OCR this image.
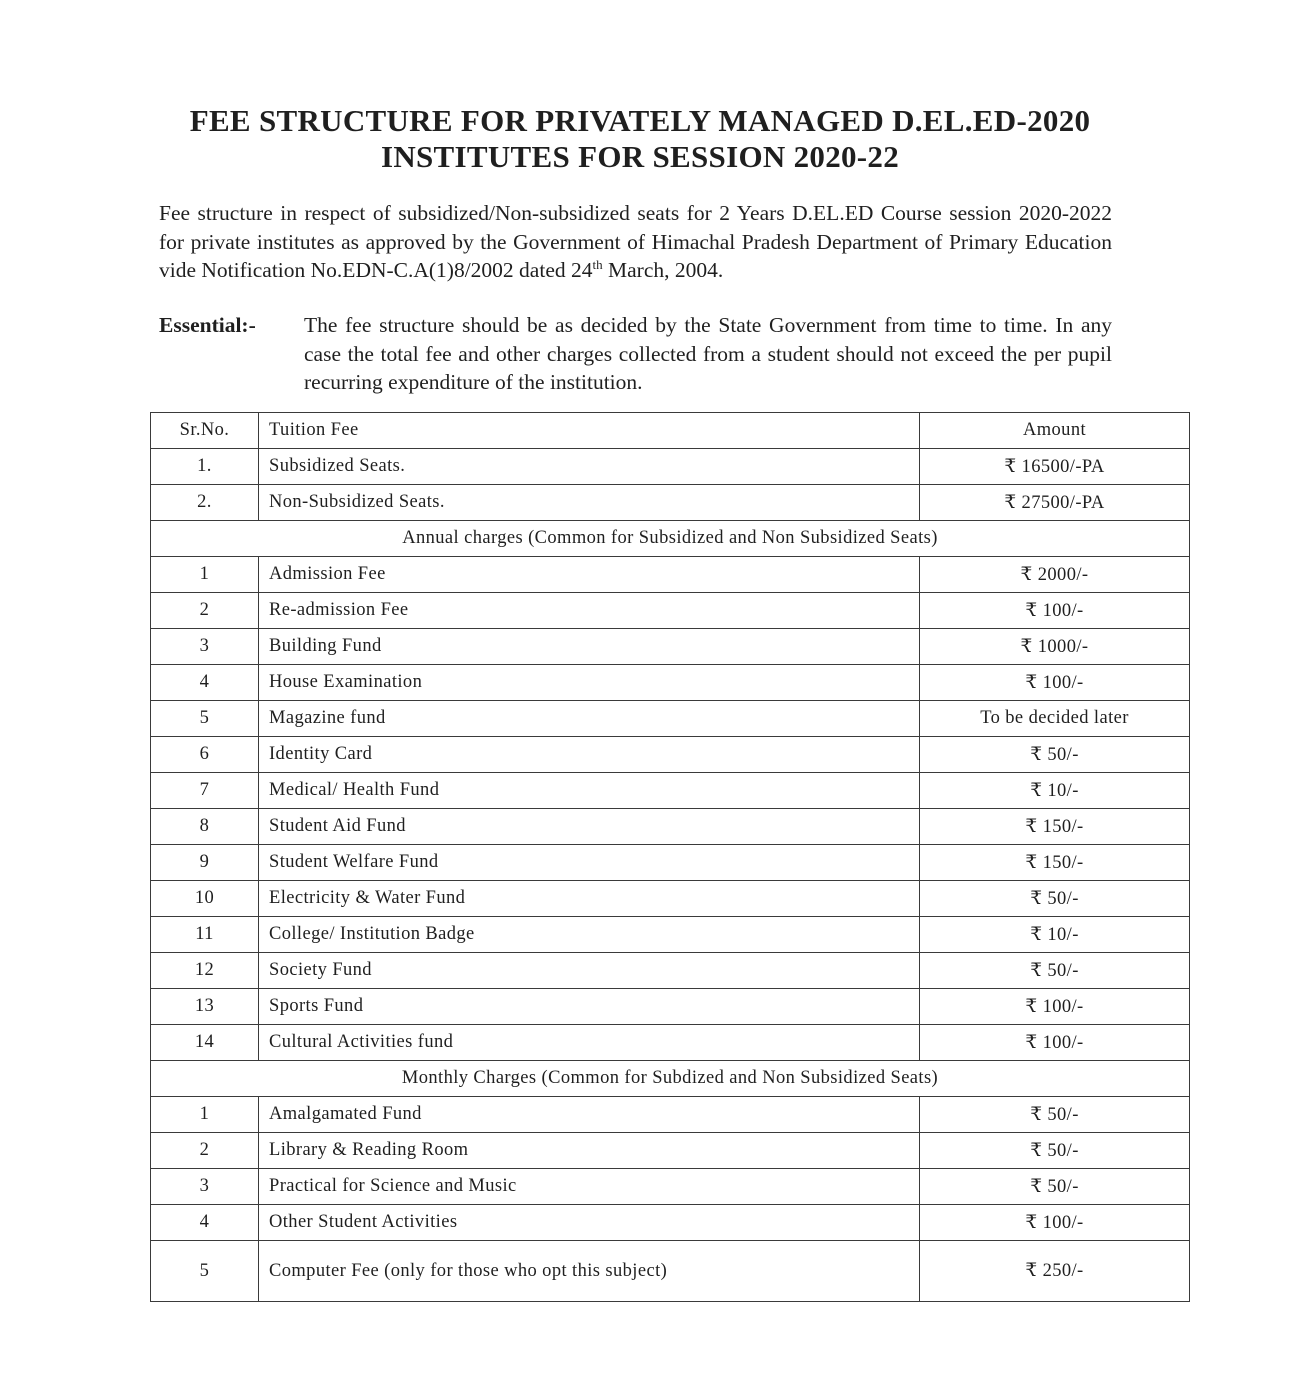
FEE STRUCTURE FOR PRIVATELY MANAGED D.EL.ED-2020
INSTITUTES FOR SESSION 2020-22
Fee structure in respect of subsidized/Non-subsidized seats for 2 Years D.EL.ED Course session 2020-2022 for private institutes as approved by the Government of Himachal Pradesh Department of Primary Education vide Notification No.EDN-C.A(1)8/2002 dated 24th March, 2004.
Essential:- The fee structure should be as decided by the State Government from time to time. In any case the total fee and other charges collected from a student should not exceed the per pupil recurring expenditure of the institution.
Sr.No.	Tuition Fee	Amount
1.	Subsidized Seats.	₹ 16500/-PA
2.	Non-Subsidized Seats.	₹ 27500/-PA
Annual charges (Common for Subsidized and Non Subsidized Seats)		
1	Admission Fee	₹ 2000/-
2	Re-admission Fee	₹ 100/-
3	Building Fund	₹ 1000/-
4	House Examination	₹ 100/-
5	Magazine fund	To be decided later
6	Identity Card	₹ 50/-
7	Medical/ Health Fund	₹ 10/-
8	Student Aid Fund	₹ 150/-
9	Student Welfare Fund	₹ 150/-
10	Electricity & Water Fund	₹ 50/-
11	College/ Institution Badge	₹ 10/-
12	Society Fund	₹ 50/-
13	Sports Fund	₹ 100/-
14	Cultural Activities fund	₹ 100/-
Monthly Charges (Common for Subdized and Non Subsidized Seats)		
1	Amalgamated Fund	₹ 50/-
2	Library & Reading Room	₹ 50/-
3	Practical for Science and Music	₹ 50/-
4	Other Student Activities	₹ 100/-
5	Computer Fee (only for those who opt this subject)	₹ 250/-
